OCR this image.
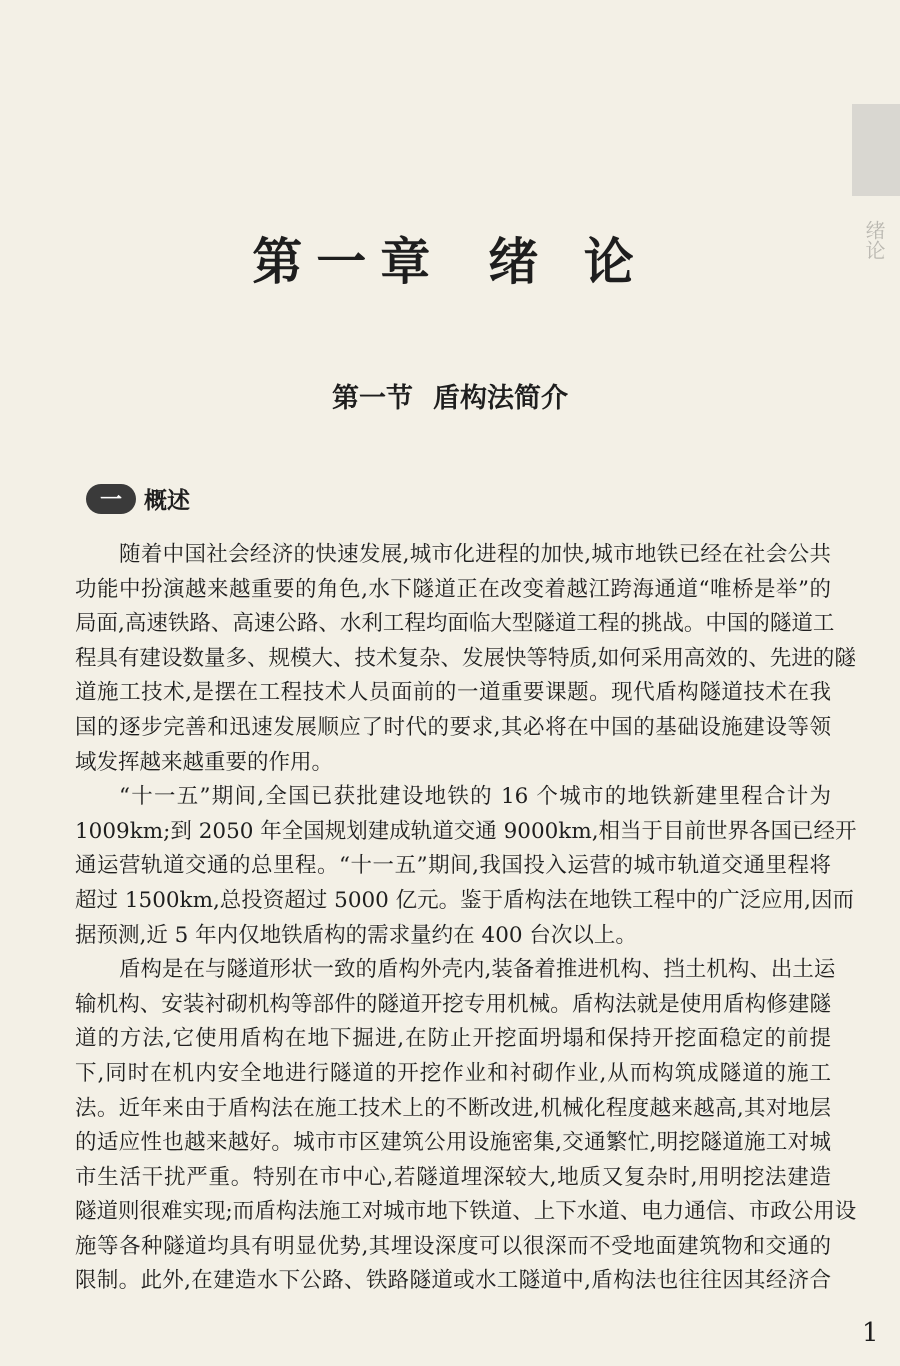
绪论
第一章 绪 论
第一节 盾构法简介
一 概述
随着中国社会经济的快速发展,城市化进程的加快,城市地铁已经在社会公共
功能中扮演越来越重要的角色,水下隧道正在改变着越江跨海通道“唯桥是举”的
局面,高速铁路、高速公路、水利工程均面临大型隧道工程的挑战。中国的隧道工
程具有建设数量多、规模大、技术复杂、发展快等特质,如何采用高效的、先进的隧
道施工技术,是摆在工程技术人员面前的一道重要课题。现代盾构隧道技术在我
国的逐步完善和迅速发展顺应了时代的要求,其必将在中国的基础设施建设等领
域发挥越来越重要的作用。
“十一五”期间,全国已获批建设地铁的 16 个城市的地铁新建里程合计为
1009km;到 2050 年全国规划建成轨道交通 9000km,相当于目前世界各国已经开
通运营轨道交通的总里程。“十一五”期间,我国投入运营的城市轨道交通里程将
超过 1500km,总投资超过 5000 亿元。鉴于盾构法在地铁工程中的广泛应用,因而
据预测,近 5 年内仅地铁盾构的需求量约在 400 台次以上。
盾构是在与隧道形状一致的盾构外壳内,装备着推进机构、挡土机构、出土运
输机构、安装衬砌机构等部件的隧道开挖专用机械。盾构法就是使用盾构修建隧
道的方法,它使用盾构在地下掘进,在防止开挖面坍塌和保持开挖面稳定的前提
下,同时在机内安全地进行隧道的开挖作业和衬砌作业,从而构筑成隧道的施工
法。近年来由于盾构法在施工技术上的不断改进,机械化程度越来越高,其对地层
的适应性也越来越好。城市市区建筑公用设施密集,交通繁忙,明挖隧道施工对城
市生活干扰严重。特别在市中心,若隧道埋深较大,地质又复杂时,用明挖法建造
隧道则很难实现;而盾构法施工对城市地下铁道、上下水道、电力通信、市政公用设
施等各种隧道均具有明显优势,其埋设深度可以很深而不受地面建筑物和交通的
限制。此外,在建造水下公路、铁路隧道或水工隧道中,盾构法也往往因其经济合
1
